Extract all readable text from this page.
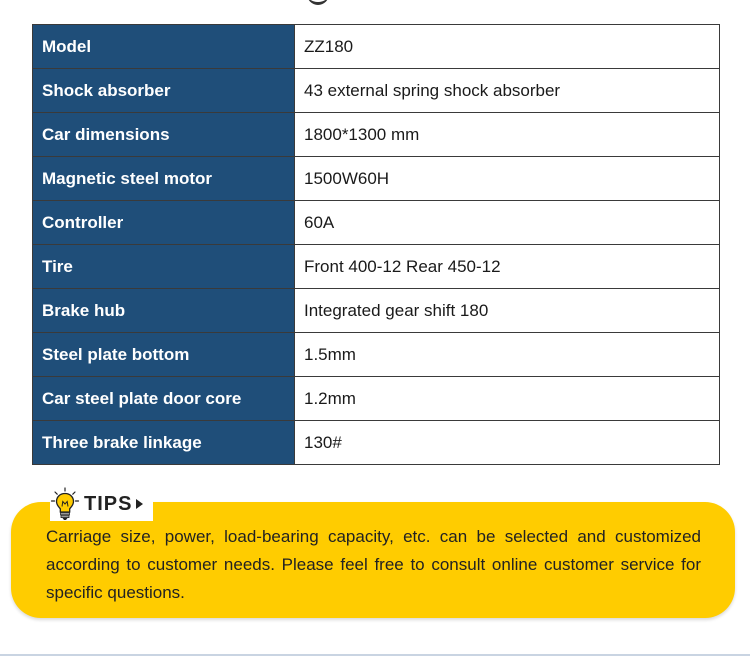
Model	ZZ180
Shock absorber	43 external spring shock absorber
Car dimensions	1800*1300 mm
Magnetic steel motor	1500W60H
Controller	60A
Tire	Front 400-12 Rear 450-12
Brake hub	Integrated gear shift 180
Steel plate bottom	1.5mm
Car steel plate door core	1.2mm
Three brake linkage	130#

Carriage size, power, load-bearing capacity, etc. can be selected and customized according to customer needs. Please feel free to consult online customer service for specific questions.

TIPS
